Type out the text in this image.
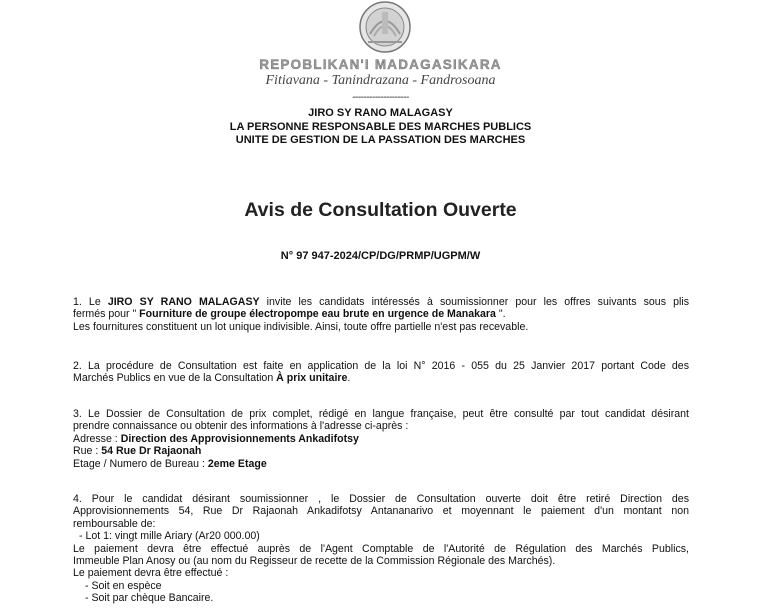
REPOBLIKAN'I MADAGASIKARA
Fitiavana - Tanindrazana - Fandrosoana
--------------------
JIRO SY RANO MALAGASY
LA PERSONNE RESPONSABLE DES MARCHES PUBLICS
UNITE DE GESTION DE LA PASSATION DES MARCHES
Avis de Consultation Ouverte
N° 97 947-2024/CP/DG/PRMP/UGPM/W
1. Le JIRO SY RANO MALAGASY invite les candidats intéressés à soumissionner pour les offres suivants sous plis
fermés pour " Fourniture de groupe électropompe eau brute en urgence de Manakara ".
Les fournitures constituent un lot unique indivisible. Ainsi, toute offre partielle n'est pas recevable.
2. La procédure de Consultation est faite en application de la loi N° 2016 - 055 du 25 Janvier 2017 portant Code des
Marchés Publics en vue de la Consultation À prix unitaire.
3. Le Dossier de Consultation de prix complet, rédigé en langue française, peut être consulté par tout candidat désirant
prendre connaissance ou obtenir des informations à l'adresse ci-après :
Adresse : Direction des Approvisionnements Ankadifotsy
Rue : 54 Rue Dr Rajaonah
Etage / Numero de Bureau : 2eme Etage
4. Pour le candidat désirant soumissionner , le Dossier de Consultation ouverte doit être retiré Direction des
Approvisionnements 54, Rue Dr Rajaonah Ankadifotsy Antananarivo et moyennant le paiement d'un montant non
remboursable de:
- Lot 1: vingt mille Ariary (Ar20 000.00)
Le paiement devra être effectué auprès de l'Agent Comptable de l'Autorité de Régulation des Marchés Publics,
Immeuble Plan Anosy ou (au nom du Regisseur de recette de la Commission Régionale des Marchés).
Le paiement devra être effectué :
- Soit en espèce
- Soit par chèque Bancaire.
